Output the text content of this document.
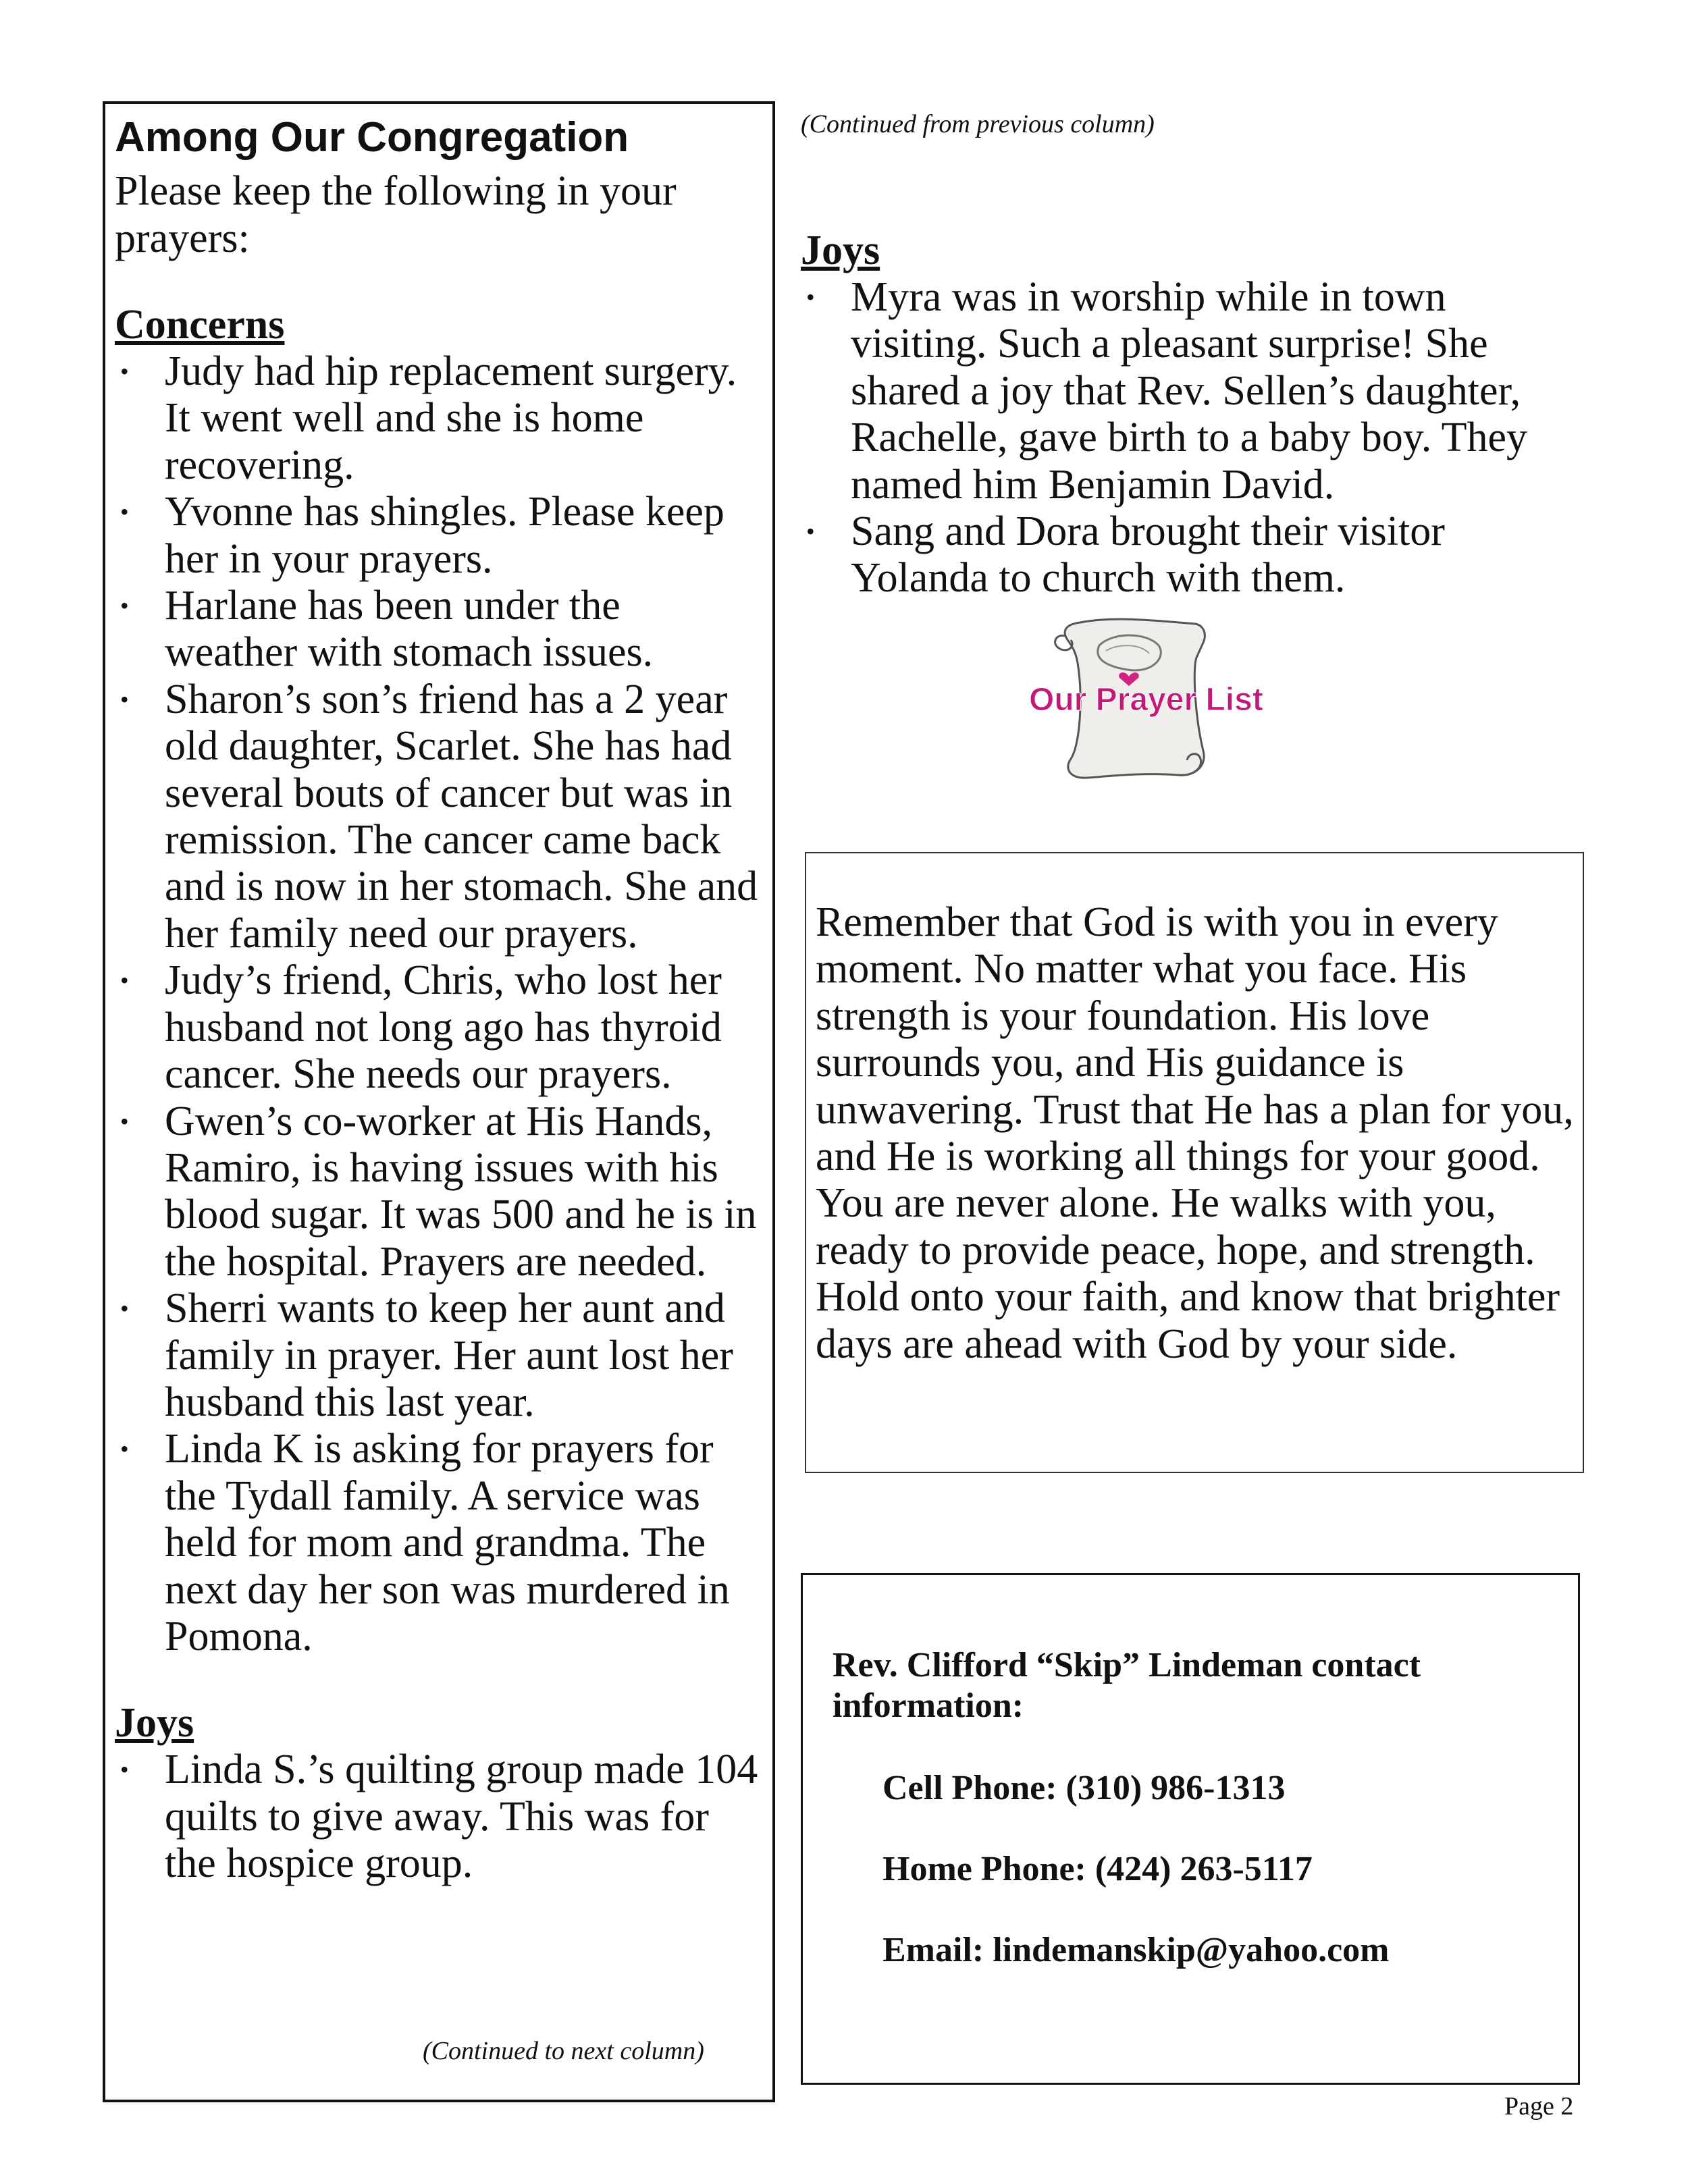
Among Our Congregation

Please keep the following in your prayers:

Concerns

• Judy had hip replacement surgery. It went well and she is home recovering.
• Yvonne has shingles. Please keep her in your prayers.
• Harlane has been under the weather with stomach issues.
• Sharon’s son’s friend has a 2 year old daughter, Scarlet. She has had several bouts of cancer but was in remission. The cancer came back and is now in her stomach. She and her family need our prayers.
• Judy’s friend, Chris, who lost her husband not long ago has thyroid cancer. She needs our prayers.
• Gwen’s co-worker at His Hands, Ramiro, is having issues with his blood sugar. It was 500 and he is in the hospital. Prayers are needed.
• Sherri wants to keep her aunt and family in prayer. Her aunt lost her husband this last year.
• Linda K is asking for prayers for the Tydall family. A service was held for mom and grandma. The next day her son was murdered in Pomona.

Joys

• Linda S.’s quilting group made 104 quilts to give away. This was for the hospice group.
(Continued to next column)
(Continued from previous column)

Joys

• Myra was in worship while in town visiting. Such a pleasant surprise! She shared a joy that Rev. Sellen’s daughter, Rachelle, gave birth to a baby boy. They named him Benjamin David.
• Sang and Dora brought their visitor Yolanda to church with them.
Our Prayer List

Remember that God is with you in every moment. No matter what you face. His strength is your foundation. His love surrounds you, and His guidance is unwavering. Trust that He has a plan for you, and He is working all things for your good. You are never alone. He walks with you, ready to provide peace, hope, and strength. Hold onto your faith, and know that brighter days are ahead with God by your side.

Rev. Clifford “Skip” Lindeman contact information:

Cell Phone: (310) 986-1313

Home Phone: (424) 263-5117

Email: lindemanskip@yahoo.com

Page 2
